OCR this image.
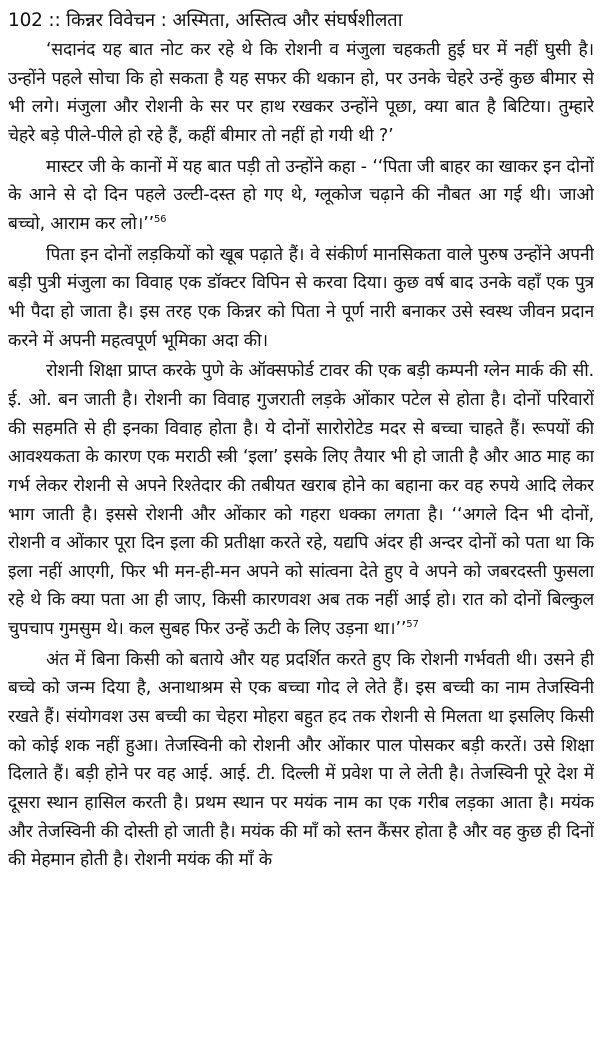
102 :: किन्नर विवेचन : अस्मिता, अस्तित्व और संघर्षशीलता

‘सदानंद यह बात नोट कर रहे थे कि रोशनी व मंजुला चहकती हुई घर में नहीं घुसी है। उन्होंने पहले सोचा कि हो सकता है यह सफर की थकान हो, पर उनके चेहरे उन्हें कुछ बीमार से भी लगे। मंजुला और रोशनी के सर पर हाथ रखकर उन्होंने पूछा, क्या बात है बिटिया। तुम्हारे चेहरे बड़े पीले-पीले हो रहे हैं, कहीं बीमार तो नहीं हो गयी थी ?’

मास्टर जी के कानों में यह बात पड़ी तो उन्होंने कहा - ‘‘पिता जी बाहर का खाकर इन दोनों के आने से दो दिन पहले उल्टी-दस्त हो गए थे, ग्लूकोज चढ़ाने की नौबत आ गई थी। जाओ बच्चो, आराम कर लो।’’$^{56}$

पिता इन दोनों लड़कियों को खूब पढ़ाते हैं। वे संकीर्ण मानसिकता वाले पुरुष उन्होंने अपनी बड़ी पुत्री मंजुला का विवाह एक डॉक्टर विपिन से करवा दिया। कुछ वर्ष बाद उनके वहाँ एक पुत्र भी पैदा हो जाता है। इस तरह एक किन्नर को पिता ने पूर्ण नारी बनाकर उसे स्वस्थ जीवन प्रदान करने में अपनी महत्वपूर्ण भूमिका अदा की।

रोशनी शिक्षा प्राप्त करके पुणे के ऑक्सफोर्ड टावर की एक बड़ी कम्पनी ग्लेन मार्क की सी. ई. ओ. बन जाती है। रोशनी का विवाह गुजराती लड़के ओंकार पटेल से होता है। दोनों परिवारों की सहमति से ही इनका विवाह होता है। ये दोनों सारोरोटेड मदर से बच्चा चाहते हैं। रूपयों की आवश्यकता के कारण एक मराठी स्त्री ‘इला’ इसके लिए तैयार भी हो जाती है और आठ माह का गर्भ लेकर रोशनी से अपने रिश्तेदार की तबीयत खराब होने का बहाना कर वह रुपये आदि लेकर भाग जाती है। इससे रोशनी और ओंकार को गहरा धक्का लगता है। ‘‘अगले दिन भी दोनों, रोशनी व ओंकार पूरा दिन इला की प्रतीक्षा करते रहे, यद्यपि अंदर ही अन्दर दोनों को पता था कि इला नहीं आएगी, फिर भी मन-ही-मन अपने को सांत्वना देते हुए वे अपने को जबरदस्ती फुसला रहे थे कि क्या पता आ ही जाए, किसी कारणवश अब तक नहीं आई हो। रात को दोनों बिल्कुल चुपचाप गुमसुम थे। कल सुबह फिर उन्हें ऊटी के लिए उड़ना था।’’$^{57}$

अंत में बिना किसी को बताये और यह प्रदर्शित करते हुए कि रोशनी गर्भवती थी। उसने ही बच्चे को जन्म दिया है, अनाथाश्रम से एक बच्चा गोद ले लेते हैं। इस बच्ची का नाम तेजस्विनी रखते हैं। संयोगवश उस बच्ची का चेहरा मोहरा बहुत हद तक रोशनी से मिलता था इसलिए किसी को कोई शक नहीं हुआ। तेजस्विनी को रोशनी और ओंकार पाल पोसकर बड़ी करतें। उसे शिक्षा दिलाते हैं। बड़ी होने पर वह आई. आई. टी. दिल्ली में प्रवेश पा ले लेती है। तेजस्विनी पूरे देश में दूसरा स्थान हासिल करती है। प्रथम स्थान पर मयंक नाम का एक गरीब लड़का आता है। मयंक और तेजस्विनी की दोस्ती हो जाती है। मयंक की माँ को स्तन कैंसर होता है और वह कुछ ही दिनों की मेहमान होती है। रोशनी मयंक की माँ के
